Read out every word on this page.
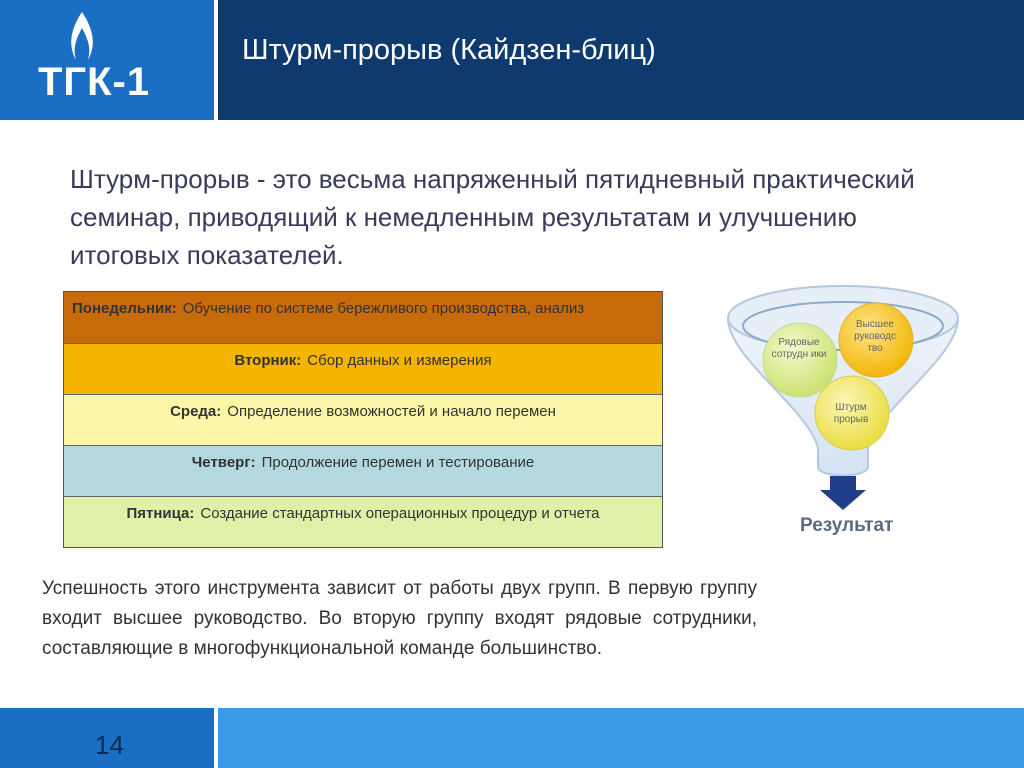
ТГК-1
Штурм-прорыв (Кайдзен-блиц)
Штурм-прорыв - это весьма напряженный пятидневный практический семинар, приводящий к немедленным результатам и улучшению итоговых показателей.
Понедельник: Обучение по системе бережливого производства, анализ
Вторник: Сбор данных и измерения
Среда: Определение возможностей и начало перемен
Четверг: Продолжение перемен и тестирование
Пятница: Создание стандартных операционных процедур и отчета
Рядовые сотрудн ики
Высшее руководс тво
Штурм прорыв
Результат
Успешность этого инструмента зависит от работы двух групп. В первую группу входит высшее руководство. Во вторую группу входят рядовые сотрудники, составляющие в многофункциональной команде большинство.
14
